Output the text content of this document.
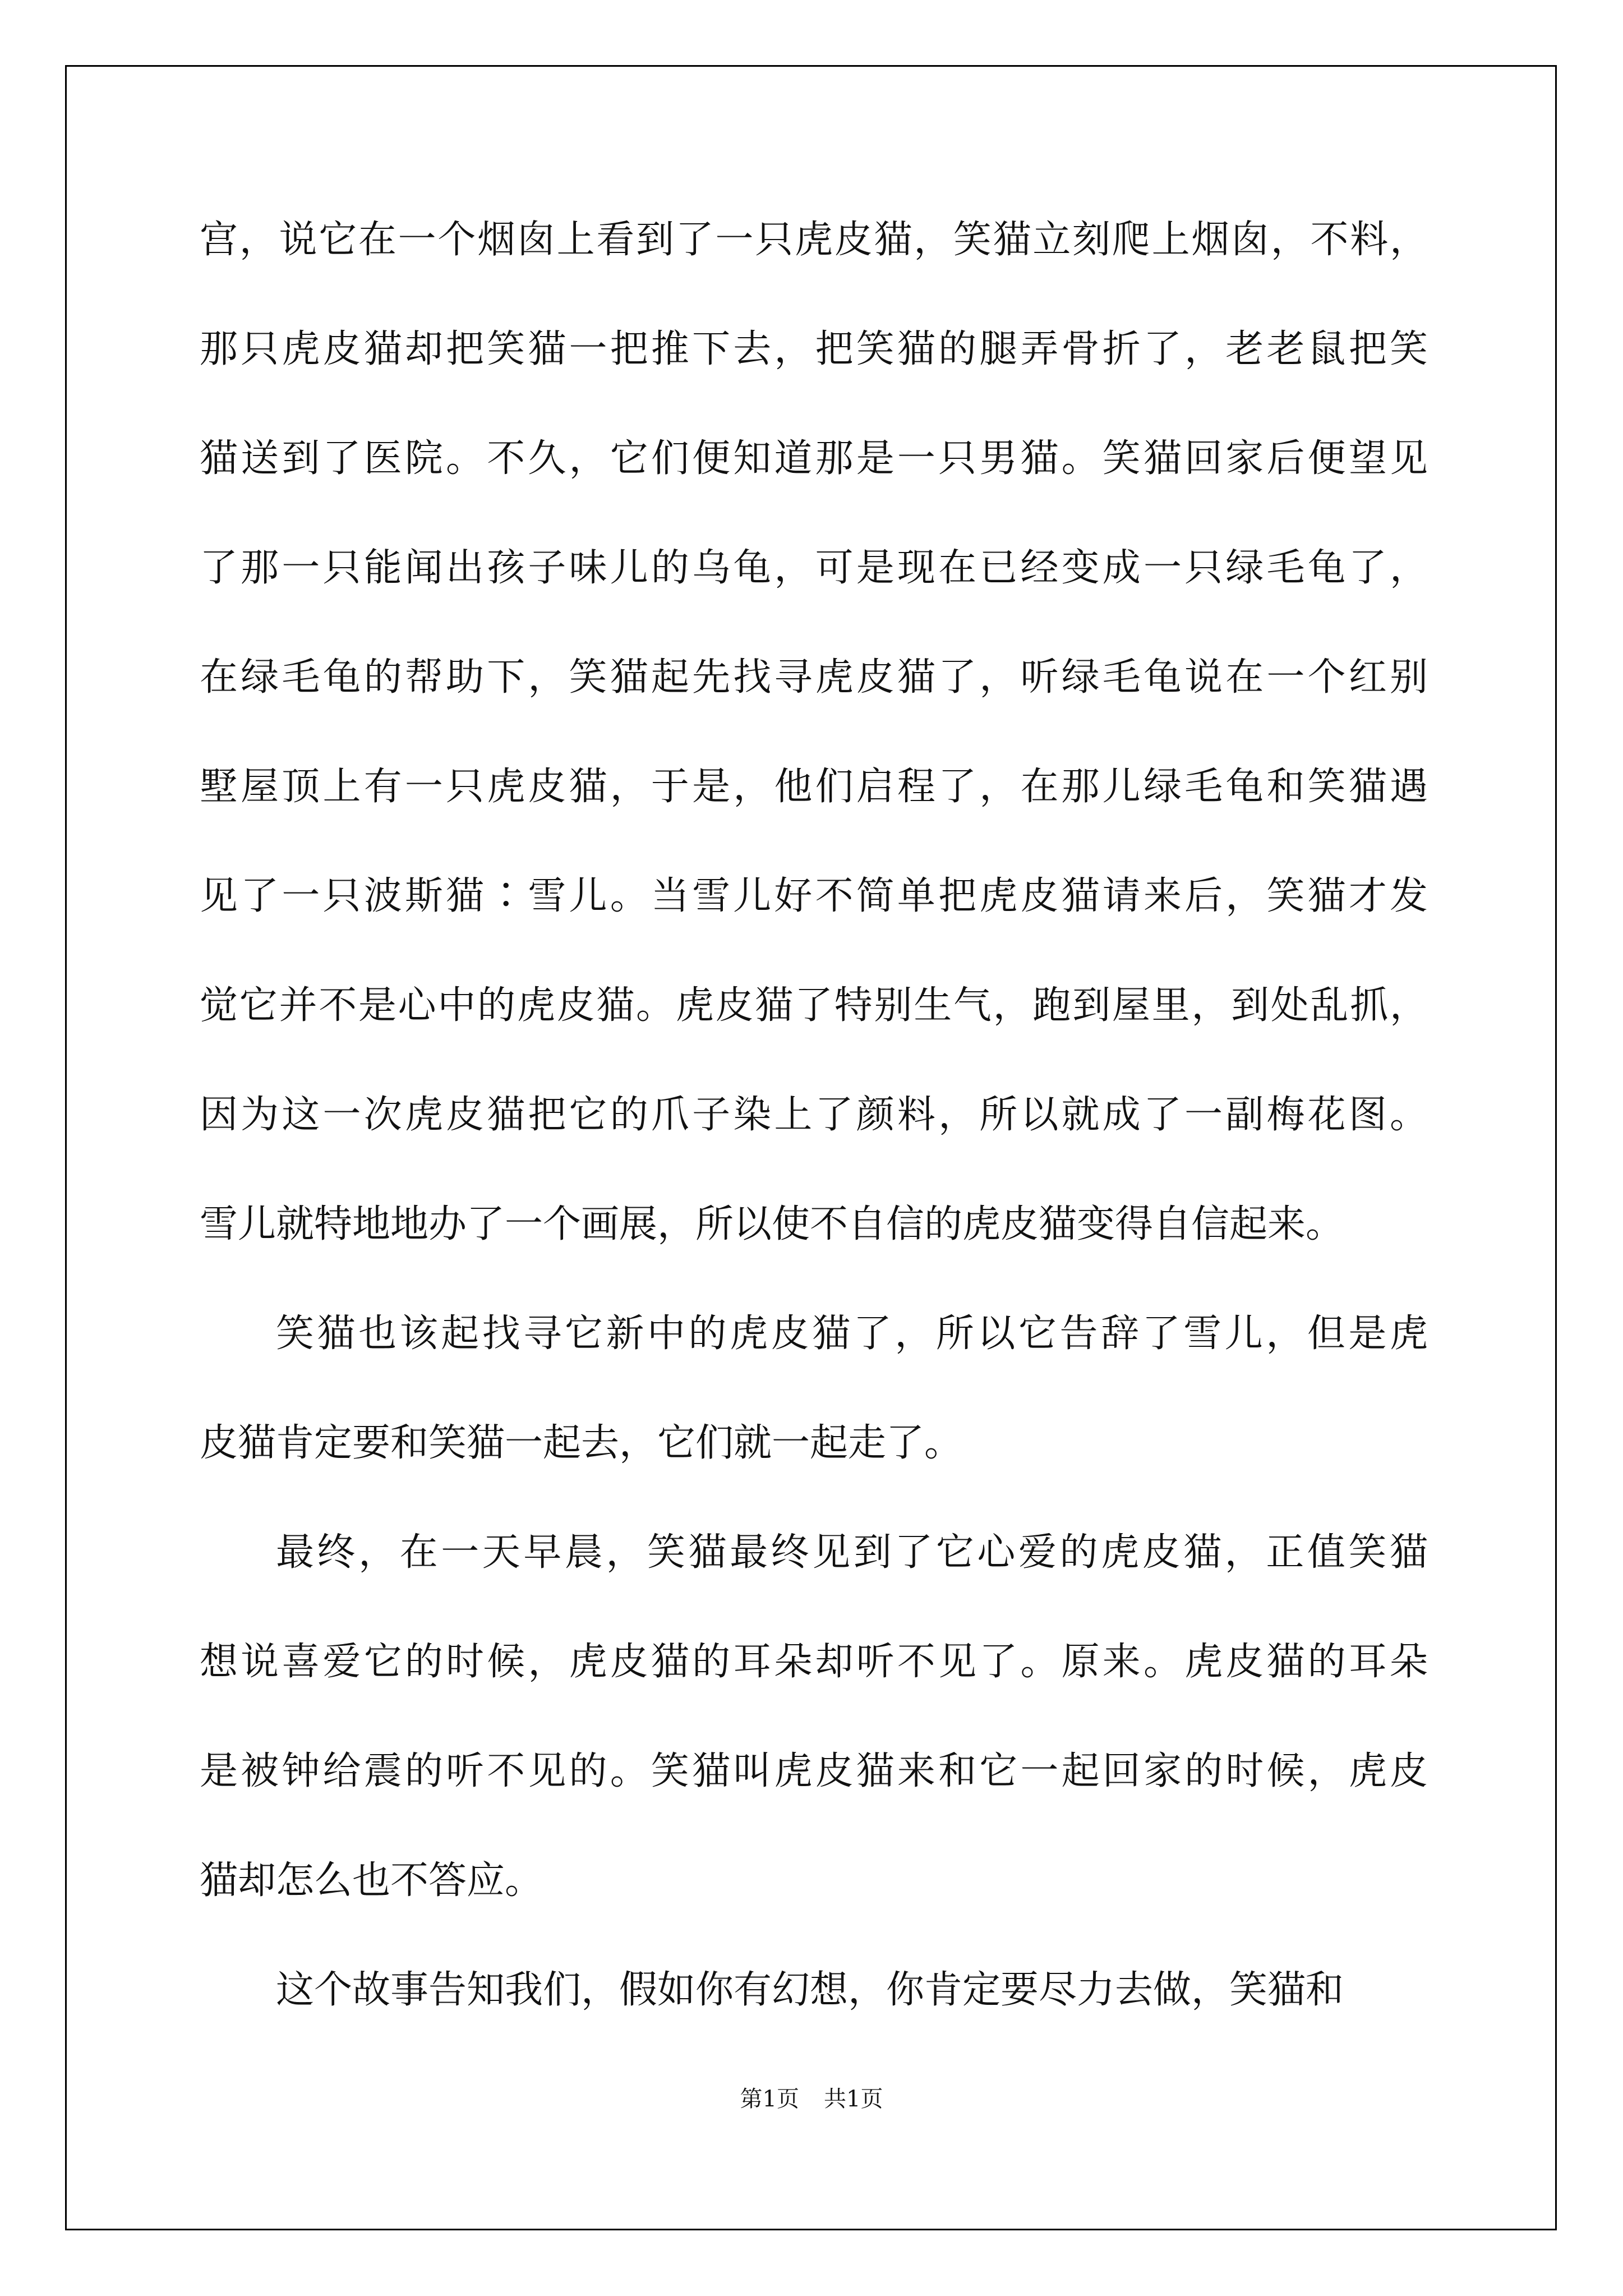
宫，说它在一个烟囱上看到了一只虎皮猫，笑猫立刻爬上烟囱，不料，
那只虎皮猫却把笑猫一把推下去，把笑猫的腿弄骨折了，老老鼠把笑
猫送到了医院。不久，它们便知道那是一只男猫。笑猫回家后便望见
了那一只能闻出孩子味儿的乌龟，可是现在已经变成一只绿毛龟了，
在绿毛龟的帮助下，笑猫起先找寻虎皮猫了，听绿毛龟说在一个红别
墅屋顶上有一只虎皮猫，于是，他们启程了，在那儿绿毛龟和笑猫遇
见了一只波斯猫∶雪儿。当雪儿好不简单把虎皮猫请来后，笑猫才发
觉它并不是心中的虎皮猫。虎皮猫了特别生气，跑到屋里，到处乱抓，
因为这一次虎皮猫把它的爪子染上了颜料，所以就成了一副梅花图。
雪儿就特地地办了一个画展，所以使不自信的虎皮猫变得自信起来。
笑猫也该起找寻它新中的虎皮猫了，所以它告辞了雪儿，但是虎
皮猫肯定要和笑猫一起去，它们就一起走了。
最终，在一天早晨，笑猫最终见到了它心爱的虎皮猫，正值笑猫
想说喜爱它的时候，虎皮猫的耳朵却听不见了。原来。虎皮猫的耳朵
是被钟给震的听不见的。笑猫叫虎皮猫来和它一起回家的时候，虎皮
猫却怎么也不答应。
这个故事告知我们，假如你有幻想，你肯定要尽力去做，笑猫和
第1页 共1页
